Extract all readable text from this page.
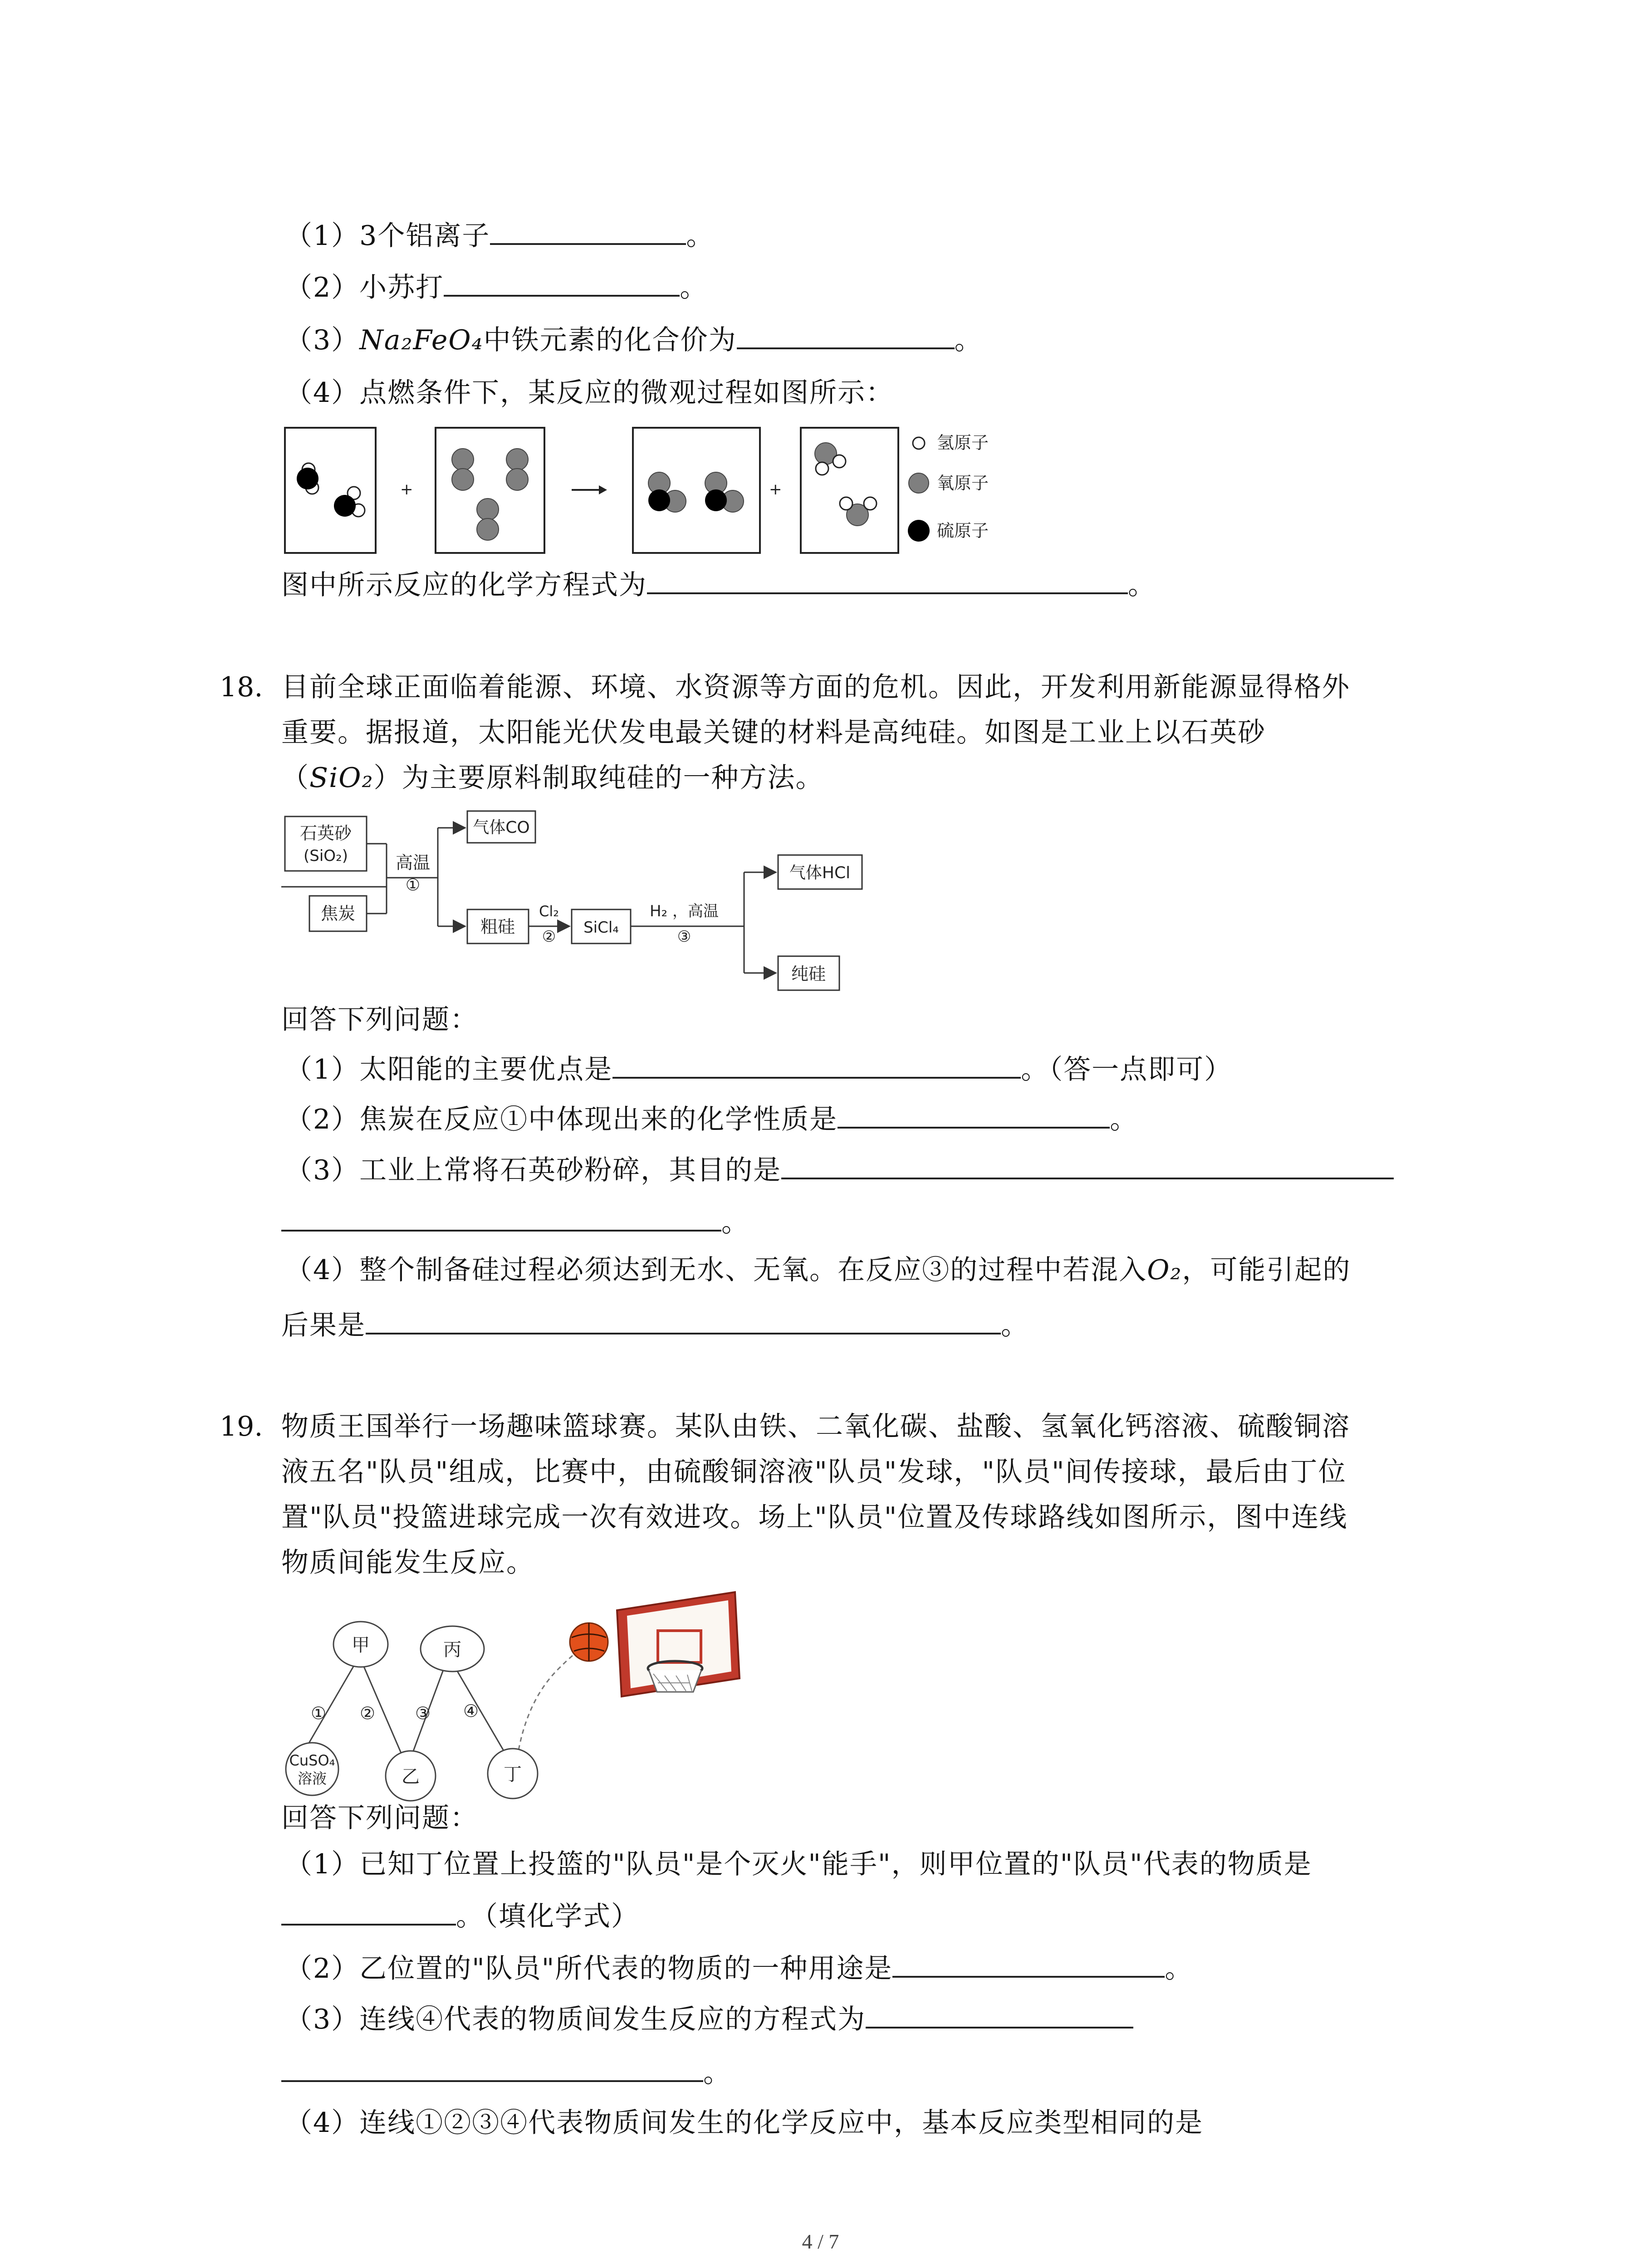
（1）3个铝离子	。
（2）小苏打	。
（3）Na₂FeO₄中铁元素的化合价为	。
（4）点燃条件下，某反应的微观过程如图所示：
+	+
氢原子
氧原子
硫原子
图中所示反应的化学方程式为	。
18. 目前全球正面临着能源、环境、水资源等方面的危机。因此，开发利用新能源显得格外
重要。据报道，太阳能光伏发电最关键的材料是高纯硅。如图是工业上以石英砂
（SiO₂）为主要原料制取纯硅的一种方法。
石英砂
(SiO₂)
焦炭
高温
①
气体CO
粗硅
Cl₂
② SiCl₄
H₂ ，高温
③
气体HCl
纯硅
回答下列问题：
（1）太阳能的主要优点是	。（答一点即可）
（2）焦炭在反应①中体现出来的化学性质是	。
（3）工业上常将石英砂粉碎，其目的是
。
（4）整个制备硅过程必须达到无水、无氧。在反应③的过程中若混入O₂，可能引起的
后果是	。
19. 物质王国举行一场趣味篮球赛。某队由铁、二氧化碳、盐酸、氢氧化钙溶液、硫酸铜溶
液五名"队员"组成，比赛中，由硫酸铜溶液"队员"发球，"队员"间传接球，最后由丁位
置"队员"投篮进球完成一次有效进攻。场上"队员"位置及传球路线如图所示，图中连线
物质间能发生反应。
甲	丙
CuSO₄
溶液	乙	丁
① ② ③ ④
回答下列问题：
（1）已知丁位置上投篮的"队员"是个灭火"能手"，则甲位置的"队员"代表的物质是
。（填化学式）
（2）乙位置的"队员"所代表的物质的一种用途是	。
（3）连线④代表的物质间发生反应的方程式为
。
（4）连线①②③④代表物质间发生的化学反应中，基本反应类型相同的是
4 / 7
